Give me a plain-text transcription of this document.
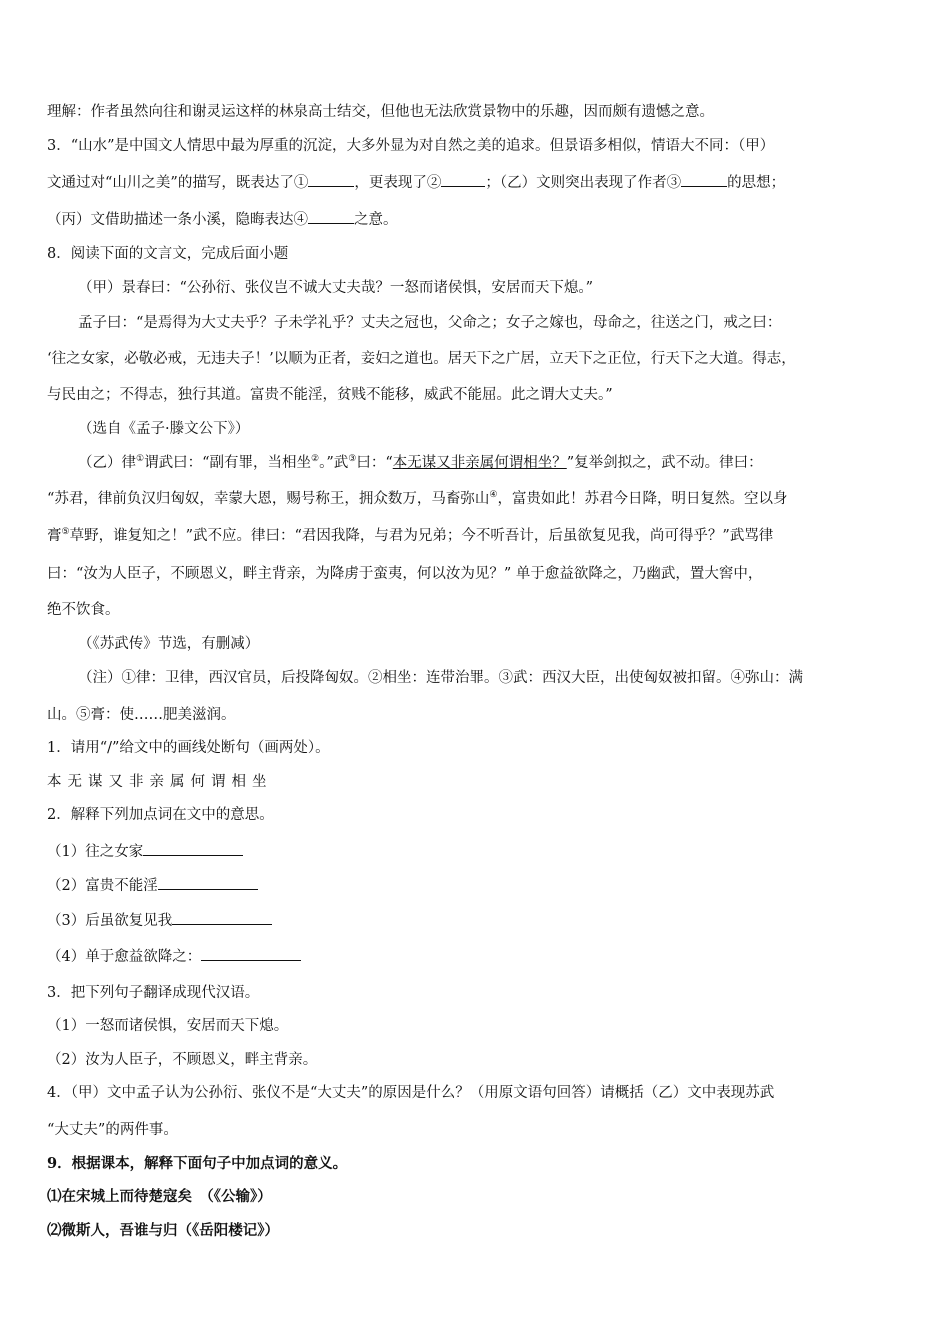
理解：作者虽然向往和谢灵运这样的林泉高士结交，但他也无法欣赏景物中的乐趣，因而颇有遗憾之意。
3．“山水”是中国文人情思中最为厚重的沉淀，大多外显为对自然之美的追求。但景语多相似，情语大不同：（甲）
文通过对“山川之美”的描写，既表达了①	，更表现了②	；（乙）文则突出表现了作者③	的思想；
（丙）文借助描述一条小溪，隐晦表达④	之意。
8．阅读下面的文言文，完成后面小题
（甲）景春曰：“公孙衍、张仪岂不诚大丈夫哉？一怒而诸侯惧，安居而天下熄。”
孟子曰：“是焉得为大丈夫乎？子未学礼乎？丈夫之冠也，父命之；女子之嫁也，母命之，往送之门，戒之曰：
‘往之女家，必敬必戒，无违夫子！’以顺为正者，妾妇之道也。居天下之广居，立天下之正位，行天下之大道。得志，
与民由之；不得志，独行其道。富贵不能淫，贫贱不能移，威武不能屈。此之谓大丈夫。”
（选自《孟子·滕文公下》）
（乙）律①谓武曰：“副有罪，当相坐②。”武③曰：“本无谋又非亲属何谓相坐？”复举剑拟之，武不动。律曰：
“苏君，律前负汉归匈奴，幸蒙大恩，赐号称王，拥众数万，马畜弥山④，富贵如此！苏君今日降，明日复然。空以身
膏⑤草野，谁复知之！”武不应。律曰：“君因我降，与君为兄弟；今不听吾计，后虽欲复见我，尚可得乎？”武骂律
曰：“汝为人臣子，不顾恩义，畔主背亲，为降虏于蛮夷，何以汝为见？” 单于愈益欲降之，乃幽武，置大窖中，
绝不饮食。
（《苏武传》节选，有删减）
（注）①律：卫律，西汉官员，后投降匈奴。②相坐：连带治罪。③武：西汉大臣，出使匈奴被扣留。④弥山：满
山。⑤膏：使……肥美滋润。
1．请用“/”给文中的画线处断句（画两处）。
本无谋又非亲属何谓相坐
2．解释下列加点词在文中的意思。
（1）往之女家
（2）富贵不能淫
（3）后虽欲复见我
（4）单于愈益欲降之：
3．把下列句子翻译成现代汉语。
（1）一怒而诸侯惧，安居而天下熄。
（2）汝为人臣子，不顾恩义，畔主背亲。
4．（甲）文中孟子认为公孙衍、张仪不是“大丈夫”的原因是什么？（用原文语句回答）请概括（乙）文中表现苏武
“大丈夫”的两件事。
9．根据课本，解释下面句子中加点词的意义。
⑴在宋城上而待楚寇矣　（《公输》）
⑵微斯人，吾谁与归（《岳阳楼记》）
